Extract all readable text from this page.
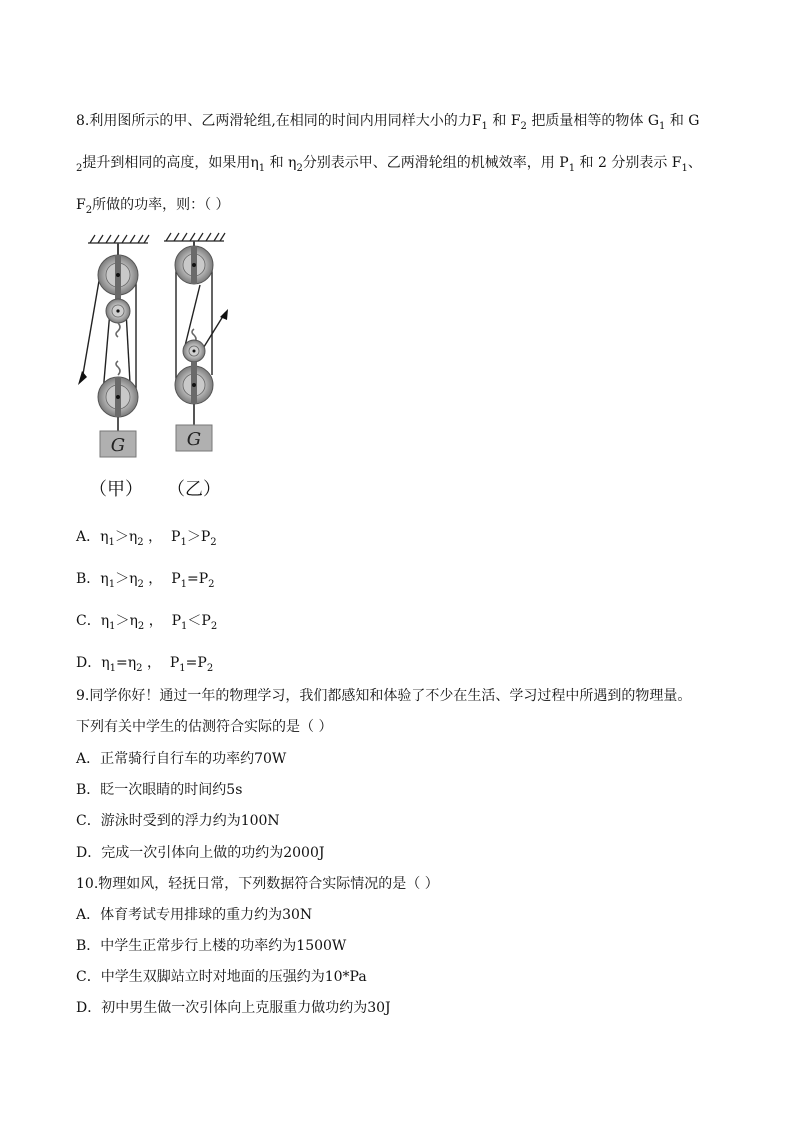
8.利用图所示的甲、乙两滑轮组,在相同的时间内用同样大小的力$F_1$ 和 $F_2$ 把质量相等的物体 $G_1$ 和 G
$_2$提升到相同的高度，如果用$\eta_1$ 和 $\eta_2$分别表示甲、乙两滑轮组的机械效率，用 $P_1$ 和 2 分别表示 $F_1$、
$F_2$所做的功率，则：（ ）
G	G
（甲） （乙）
A．$\eta_1>\eta_2$ ，  $P_1>P_2$
B．$\eta_1>\eta_2$ ，  $P_1=P_2$
C．$\eta_1>\eta_2$ ，  $P_1<P_2$
D．$\eta_1=\eta_2$ ，  $P_1=P_2$
9.同学你好！通过一年的物理学习，我们都感知和体验了不少在生活、学习过程中所遇到的物理量。
下列有关中学生的估测符合实际的是（ ）
A．正常骑行自行车的功率约70W
B．眨一次眼睛的时间约5s
C．游泳时受到的浮力约为100N
D．完成一次引体向上做的功约为2000J
10.物理如风，轻抚日常，下列数据符合实际情况的是（ ）
A．体育考试专用排球的重力约为30N
B．中学生正常步行上楼的功率约为1500W
C．中学生双脚站立时对地面的压强约为10*Pa
D．初中男生做一次引体向上克服重力做功约为30J
